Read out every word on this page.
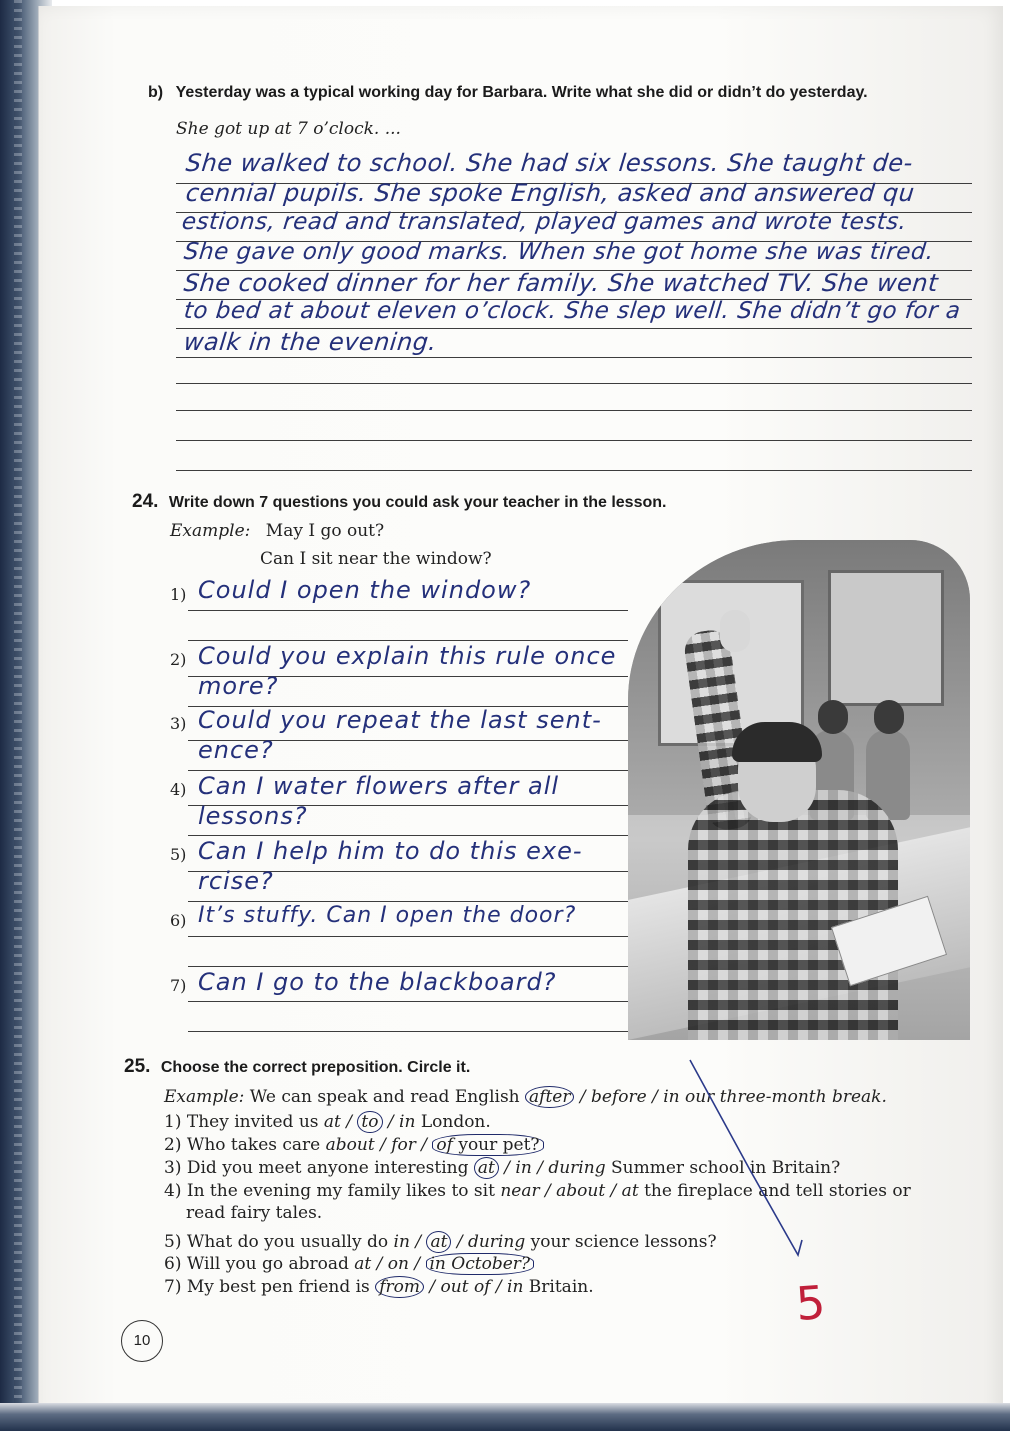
b) Yesterday was a typical working day for Barbara. Write what she did or didn’t do yesterday.
She got up at 7 o’clock. ...
She walked to school. She had six lessons. She taught de-
cennial pupils. She spoke English, asked and answered qu
estions, read and translated, played games and wrote tests.
She gave only good marks. When she got home she was tired.
She cooked dinner for her family. She watched TV. She went
to bed at about eleven o’clock. She slep well. She didn’t go for a
walk in the evening.
24. Write down 7 questions you could ask your teacher in the lesson.
Example: May I go out?
Can I sit near the window?
1) Could I open the window?
2) Could you explain this rule once
more?
3) Could you repeat the last sent-
ence?
4) Can I water flowers after all
lessons?
5) Can I help him to do this exe-
rcise?
6) It’s stuffy. Can I open the door?
7) Can I go to the blackboard?
25. Choose the correct preposition. Circle it.
Example: We can speak and read English after / before / in our three-month break.
1) They invited us at / to / in London.
2) Who takes care about / for / of your pet?
3) Did you meet anyone interesting at / in / during Summer school in Britain?
4) In the evening my family likes to sit near / about / at the fireplace and tell stories or
read fairy tales.
5) What do you usually do in / at / during your science lessons?
6) Will you go abroad at / on / in October?
7) My best pen friend is from / out of / in Britain.	5
10
